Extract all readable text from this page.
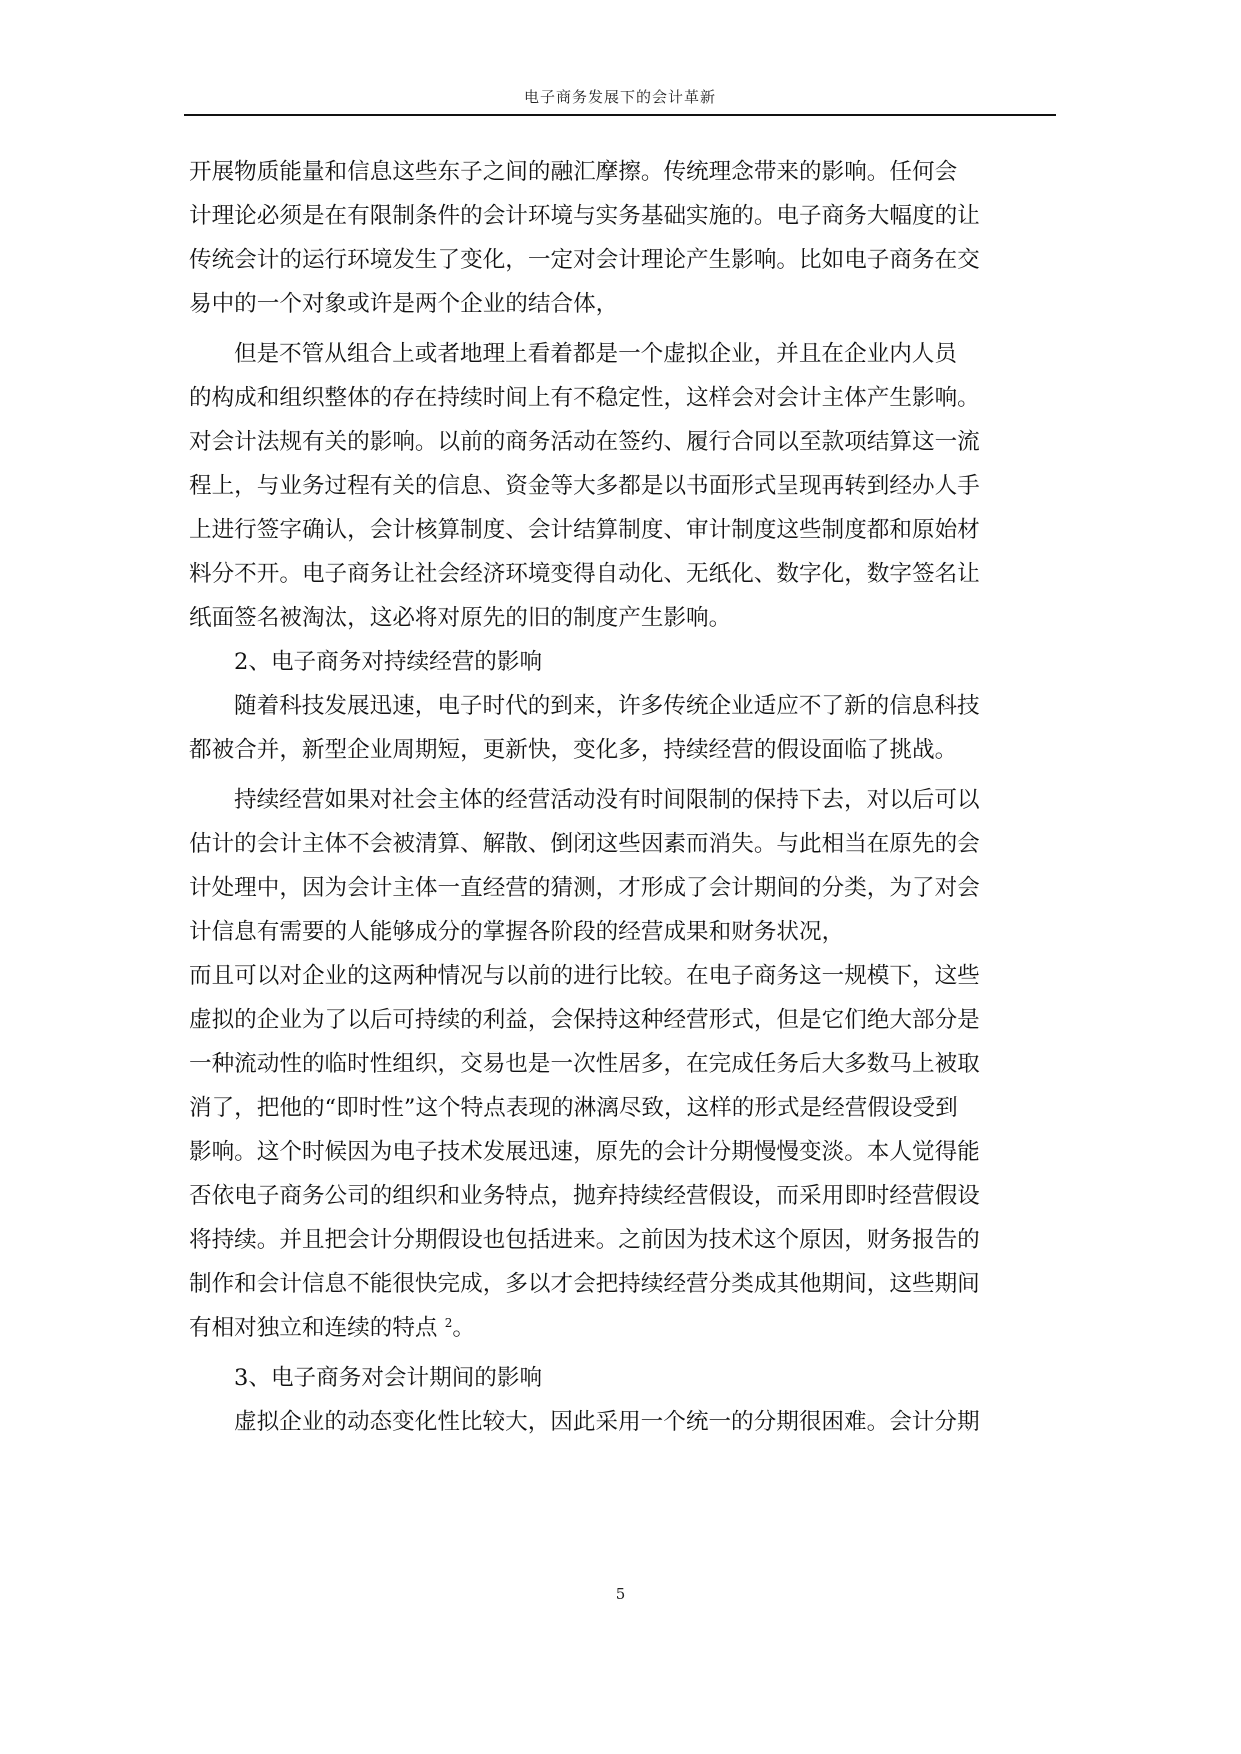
电子商务发展下的会计革新
开展物质能量和信息这些东子之间的融汇摩擦。传统理念带来的影响。任何会
计理论必须是在有限制条件的会计环境与实务基础实施的。电子商务大幅度的让
传统会计的运行环境发生了变化，一定对会计理论产生影响。比如电子商务在交
易中的一个对象或许是两个企业的结合体，
但是不管从组合上或者地理上看着都是一个虚拟企业，并且在企业内人员
的构成和组织整体的存在持续时间上有不稳定性，这样会对会计主体产生影响。
对会计法规有关的影响。以前的商务活动在签约、履行合同以至款项结算这一流
程上，与业务过程有关的信息、资金等大多都是以书面形式呈现再转到经办人手
上进行签字确认，会计核算制度、会计结算制度、审计制度这些制度都和原始材
料分不开。电子商务让社会经济环境变得自动化、无纸化、数字化，数字签名让
纸面签名被淘汰，这必将对原先的旧的制度产生影响。
2、电子商务对持续经营的影响
随着科技发展迅速，电子时代的到来，许多传统企业适应不了新的信息科技
都被合并，新型企业周期短，更新快，变化多，持续经营的假设面临了挑战。
持续经营如果对社会主体的经营活动没有时间限制的保持下去，对以后可以
估计的会计主体不会被清算、解散、倒闭这些因素而消失。与此相当在原先的会
计处理中，因为会计主体一直经营的猜测，才形成了会计期间的分类，为了对会
计信息有需要的人能够成分的掌握各阶段的经营成果和财务状况，
而且可以对企业的这两种情况与以前的进行比较。在电子商务这一规模下，这些
虚拟的企业为了以后可持续的利益，会保持这种经营形式，但是它们绝大部分是
一种流动性的临时性组织，交易也是一次性居多，在完成任务后大多数马上被取
消了，把他的“即时性”这个特点表现的淋漓尽致，这样的形式是经营假设受到
影响。这个时候因为电子技术发展迅速，原先的会计分期慢慢变淡。本人觉得能
否依电子商务公司的组织和业务特点，抛弃持续经营假设，而采用即时经营假设
将持续。并且把会计分期假设也包括进来。之前因为技术这个原因，财务报告的
制作和会计信息不能很快完成，多以才会把持续经营分类成其他期间，这些期间
有相对独立和连续的特点 $^2$。
3、电子商务对会计期间的影响
虚拟企业的动态变化性比较大，因此采用一个统一的分期很困难。会计分期
5
